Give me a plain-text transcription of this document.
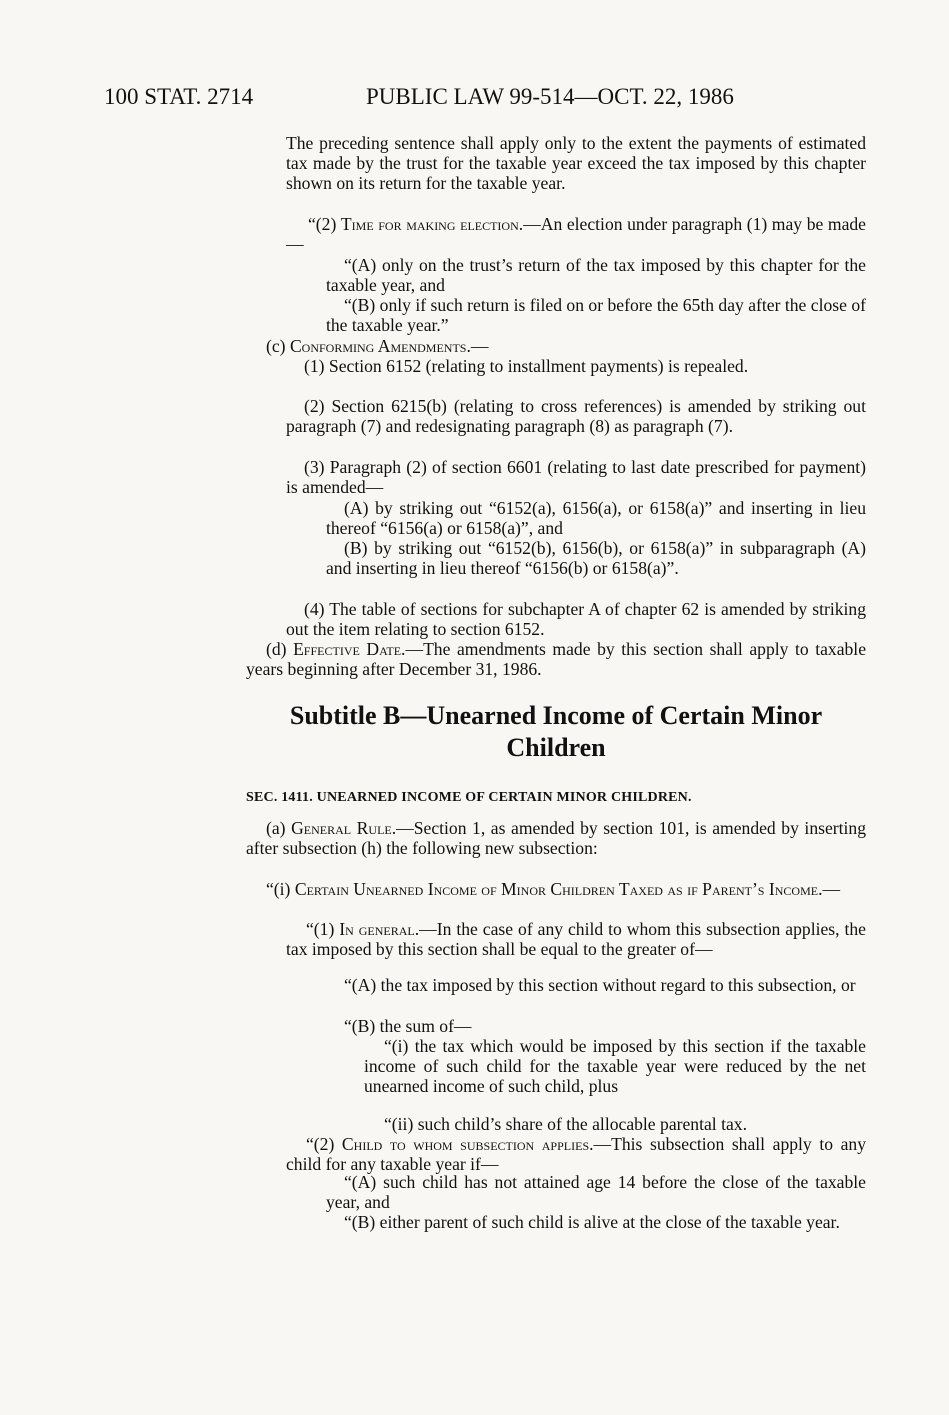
100 STAT. 2714	PUBLIC LAW 99-514—OCT. 22, 1986

The preceding sentence shall apply only to the extent the payments of estimated tax made by the trust for the taxable year exceed the tax imposed by this chapter shown on its return for the taxable year.

“(2) Time for making election.—An election under paragraph (1) may be made—

“(A) only on the trust’s return of the tax imposed by this chapter for the taxable year, and

“(B) only if such return is filed on or before the 65th day after the close of the taxable year.”

(c) Conforming Amendments.—

(1) Section 6152 (relating to installment payments) is repealed.

(2) Section 6215(b) (relating to cross references) is amended by striking out paragraph (7) and redesignating paragraph (8) as paragraph (7).

(3) Paragraph (2) of section 6601 (relating to last date prescribed for payment) is amended—

(A) by striking out “6152(a), 6156(a), or 6158(a)” and inserting in lieu thereof “6156(a) or 6158(a)”, and

(B) by striking out “6152(b), 6156(b), or 6158(a)” in subparagraph (A) and inserting in lieu thereof “6156(b) or 6158(a)”.

(4) The table of sections for subchapter A of chapter 62 is amended by striking out the item relating to section 6152.

(d) Effective Date.—The amendments made by this section shall apply to taxable years beginning after December 31, 1986.

Subtitle B—Unearned Income of Certain Minor Children
SEC. 1411. UNEARNED INCOME OF CERTAIN MINOR CHILDREN.

(a) General Rule.—Section 1, as amended by section 101, is amended by inserting after subsection (h) the following new subsection:

“(i) Certain Unearned Income of Minor Children Taxed as if Parent’s Income.—

“(1) In general.—In the case of any child to whom this subsection applies, the tax imposed by this section shall be equal to the greater of—

“(A) the tax imposed by this section without regard to this subsection, or

“(B) the sum of—

“(i) the tax which would be imposed by this section if the taxable income of such child for the taxable year were reduced by the net unearned income of such child, plus

“(ii) such child’s share of the allocable parental tax.

“(2) Child to whom subsection applies.—This subsection shall apply to any child for any taxable year if—

“(A) such child has not attained age 14 before the close of the taxable year, and

“(B) either parent of such child is alive at the close of the taxable year.
